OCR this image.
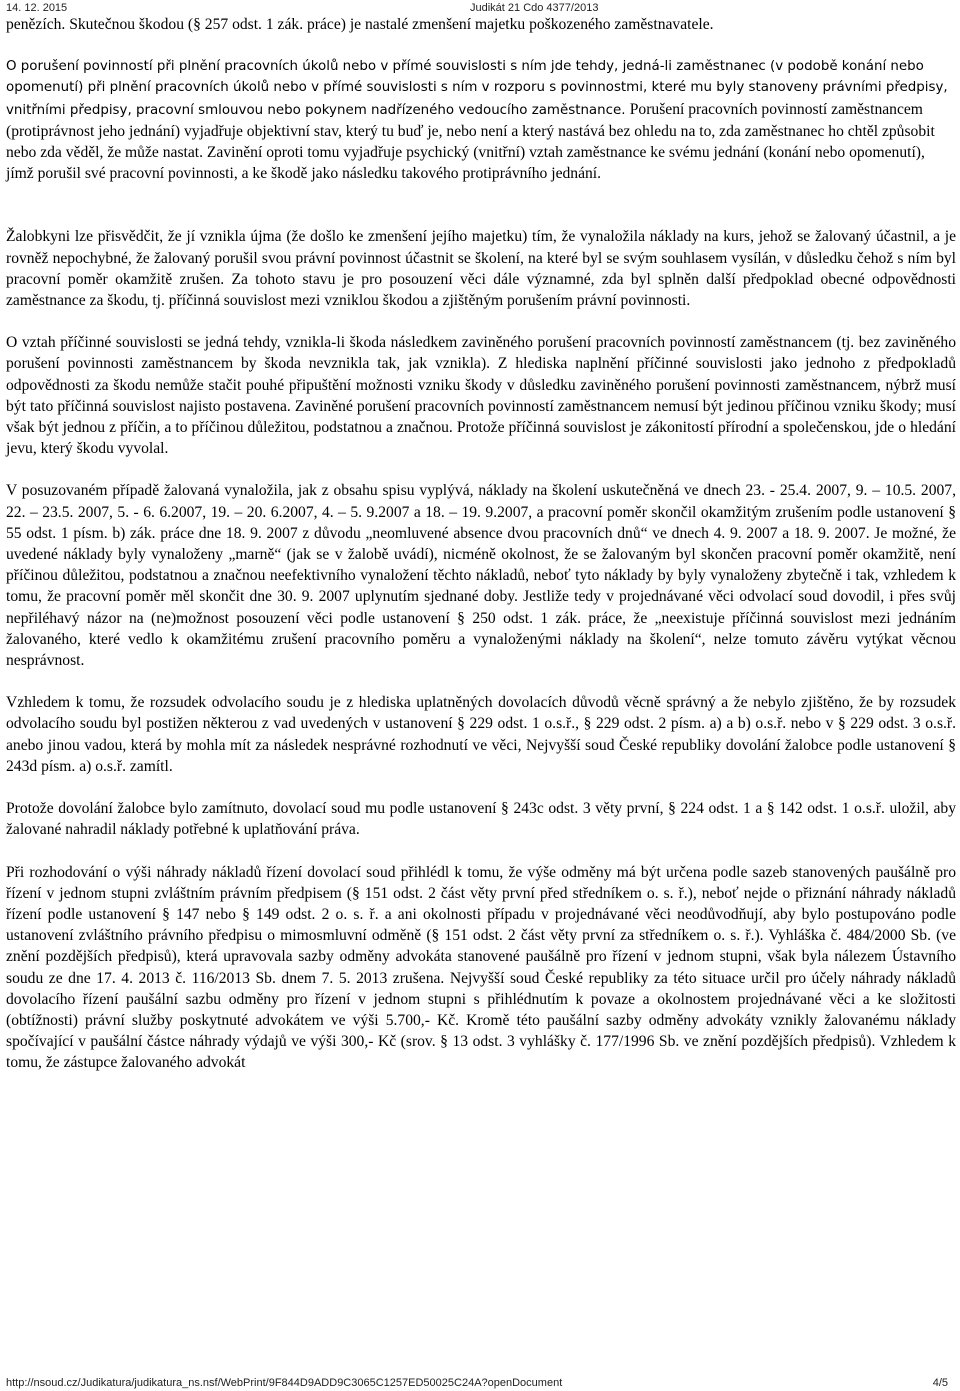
14. 12. 2015	Judikát 21 Cdo 4377/2013

penězích. Skutečnou škodou (§ 257 odst. 1 zák. práce) je nastalé zmenšení majetku poškozeného zaměstnavatele.

O porušení povinností při plnění pracovních úkolů nebo v přímé souvislosti s ním jde tehdy, jedná-li zaměstnanec (v podobě konání nebo opomenutí) při plnění pracovních úkolů nebo v přímé souvislosti s ním v rozporu s povinnostmi, které mu byly stanoveny právními předpisy, vnitřními předpisy, pracovní smlouvou nebo pokynem nadřízeného vedoucího zaměstnance.

Porušení pracovních povinností zaměstnancem (protiprávnost jeho jednání) vyjadřuje objektivní stav, který tu buď je, nebo není a který nastává bez ohledu na to, zda zaměstnanec ho chtěl způsobit nebo zda věděl, že může nastat. Zavinění oproti tomu vyjadřuje psychický (vnitřní) vztah zaměstnance ke svému jednání (konání nebo opomenutí), jímž porušil své pracovní povinnosti, a ke škodě jako následku takového protiprávního jednání.

Žalobkyni lze přisvědčit, že jí vznikla újma (že došlo ke zmenšení jejího majetku) tím, že vynaložila náklady na kurs, jehož se žalovaný účastnil, a je rovněž nepochybné, že žalovaný porušil svou právní povinnost účastnit se školení, na které byl se svým souhlasem vysílán, v důsledku čehož s ním byl pracovní poměr okamžitě zrušen. Za tohoto stavu je pro posouzení věci dále významné, zda byl splněn další předpoklad obecné odpovědnosti zaměstnance za škodu, tj. příčinná souvislost mezi vzniklou škodou a zjištěným porušením právní povinnosti.

O vztah příčinné souvislosti se jedná tehdy, vznikla-li škoda následkem zaviněného porušení pracovních povinností zaměstnancem (tj. bez zaviněného porušení povinnosti zaměstnancem by škoda nevznikla tak, jak vznikla). Z hlediska naplnění příčinné souvislosti jako jednoho z předpokladů odpovědnosti za škodu nemůže stačit pouhé připuštění možnosti vzniku škody v důsledku zaviněného porušení povinnosti zaměstnancem, nýbrž musí být tato příčinná souvislost najisto postavena. Zaviněné porušení pracovních povinností zaměstnancem nemusí být jedinou příčinou vzniku škody; musí však být jednou z příčin, a to příčinou důležitou, podstatnou a značnou. Protože příčinná souvislost je zákonitostí přírodní a společenskou, jde o hledání jevu, který škodu vyvolal.

V posuzovaném případě žalovaná vynaložila, jak z obsahu spisu vyplývá, náklady na školení uskutečněná ve dnech 23. - 25.4. 2007, 9. – 10.5. 2007, 22. – 23.5. 2007, 5. - 6. 6.2007, 19. – 20. 6.2007, 4. – 5. 9.2007 a 18. – 19. 9.2007, a pracovní poměr skončil okamžitým zrušením podle ustanovení § 55 odst. 1 písm. b) zák. práce dne 18. 9. 2007 z důvodu „neomluvené absence dvou pracovních dnů“ ve dnech 4. 9. 2007 a 18. 9. 2007. Je možné, že uvedené náklady byly vynaloženy „marně“ (jak se v žalobě uvádí), nicméně okolnost, že se žalovaným byl skončen pracovní poměr okamžitě, není příčinou důležitou, podstatnou a značnou neefektivního vynaložení těchto nákladů, neboť tyto náklady by byly vynaloženy zbytečně i tak, vzhledem k tomu, že pracovní poměr měl skončit dne 30. 9. 2007 uplynutím sjednané doby. Jestliže tedy v projednávané věci odvolací soud dovodil, i přes svůj nepřiléhavý názor na (ne)možnost posouzení věci podle ustanovení § 250 odst. 1 zák. práce, že „neexistuje příčinná souvislost mezi jednáním žalovaného, které vedlo k okamžitému zrušení pracovního poměru a vynaloženými náklady na školení“, nelze tomuto závěru vytýkat věcnou nesprávnost.

Vzhledem k tomu, že rozsudek odvolacího soudu je z hlediska uplatněných dovolacích důvodů věcně správný a že nebylo zjištěno, že by rozsudek odvolacího soudu byl postižen některou z vad uvedených v ustanovení § 229 odst. 1 o.s.ř., § 229 odst. 2 písm. a) a b) o.s.ř. nebo v § 229 odst. 3 o.s.ř. anebo jinou vadou, která by mohla mít za následek nesprávné rozhodnutí ve věci, Nejvyšší soud České republiky dovolání žalobce podle ustanovení § 243d písm. a) o.s.ř. zamítl.

Protože dovolání žalobce bylo zamítnuto, dovolací soud mu podle ustanovení § 243c odst. 3 věty první, § 224 odst. 1 a § 142 odst. 1 o.s.ř. uložil, aby žalované nahradil náklady potřebné k uplatňování práva.

Při rozhodování o výši náhrady nákladů řízení dovolací soud přihlédl k tomu, že výše odměny má být určena podle sazeb stanovených paušálně pro řízení v jednom stupni zvláštním právním předpisem (§ 151 odst. 2 část věty první před středníkem o. s. ř.), neboť nejde o přiznání náhrady nákladů řízení podle ustanovení § 147 nebo § 149 odst. 2 o. s. ř. a ani okolnosti případu v projednávané věci neodůvodňují, aby bylo postupováno podle ustanovení zvláštního právního předpisu o mimosmluvní odměně (§ 151 odst. 2 část věty první za středníkem o. s. ř.). Vyhláška č. 484/2000 Sb. (ve znění pozdějších předpisů), která upravovala sazby odměny advokáta stanovené paušálně pro řízení v jednom stupni, však byla nálezem Ústavního soudu ze dne 17. 4. 2013 č. 116/2013 Sb. dnem 7. 5. 2013 zrušena. Nejvyšší soud České republiky za této situace určil pro účely náhrady nákladů dovolacího řízení paušální sazbu odměny pro řízení v jednom stupni s přihlédnutím k povaze a okolnostem projednávané věci a ke složitosti (obtížnosti) právní služby poskytnuté advokátem ve výši 5.700,- Kč. Kromě této paušální sazby odměny advokáty vznikly žalovanému náklady spočívající v paušální částce náhrady výdajů ve výši 300,- Kč (srov. § 13 odst. 3 vyhlášky č. 177/1996 Sb. ve znění pozdějších předpisů). Vzhledem k tomu, že zástupce žalovaného advokát

http://nsoud.cz/Judikatura/judikatura_ns.nsf/WebPrint/9F844D9ADD9C3065C1257ED50025C24A?openDocument	4/5
